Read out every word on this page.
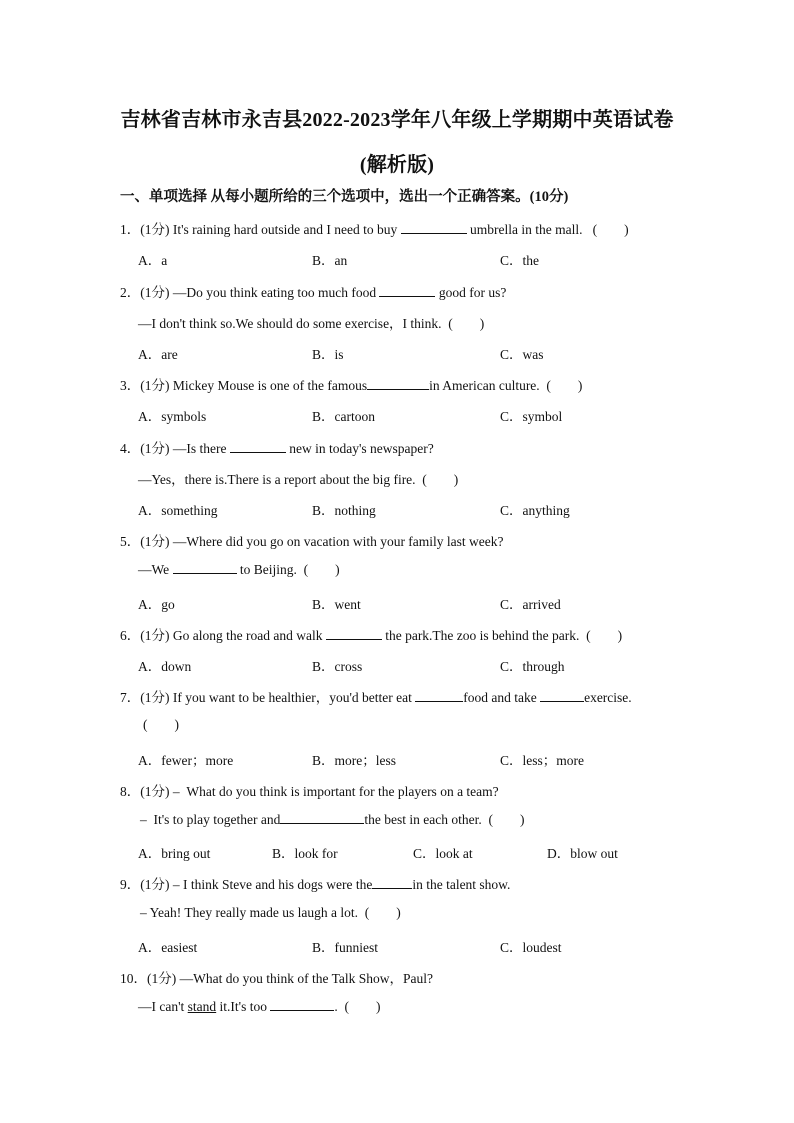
吉林省吉林市永吉县2022-2023学年八年级上学期期中英语试卷
(解析版)
一、单项选择 从每小题所给的三个选项中，选出一个正确答案。(10分)
1．(1分) It's raining hard outside and I need to buy	umbrella in the mall.   (        )
A．a	B．an	C．the
2．(1分) —Do you think eating too much food	good for us?
—I don't think so.We should do some exercise，I think.  (        )
A．are	B．is	C．was
3．(1分) Mickey Mouse is one of the famous	in American culture.  (        )
A．symbols	B．cartoon	C．symbol
4．(1分) —Is there	new in today's newspaper?
—Yes，there is.There is a report about the big fire.  (        )
A．something	B．nothing	C．anything
5．(1分) —Where did you go on vacation with your family last week?
—We	to Beijing.  (        )
A．go	B．went	C．arrived
6．(1分) Go along the road and walk	the park.The zoo is behind the park.  (        )
A．down	B．cross	C．through
7．(1分) If you want to be healthier，you'd better eat	food and take	exercise.
(        )
A．fewer；more	B．more；less	C．less；more
8．(1分) –  What do you think is important for the players on a team?
–  It's to play together and	the best in each other.  (        )
A．bring out	B．look for	C．look at	D．blow out
9．(1分) – I think Steve and his dogs were the	in the talent show.
– Yeah! They really made us laugh a lot.  (        )
A．easiest	B．funniest	C．loudest
10．(1分) —What do you think of the Talk Show，Paul?
—I can't stand it.It's too	.  (        )
